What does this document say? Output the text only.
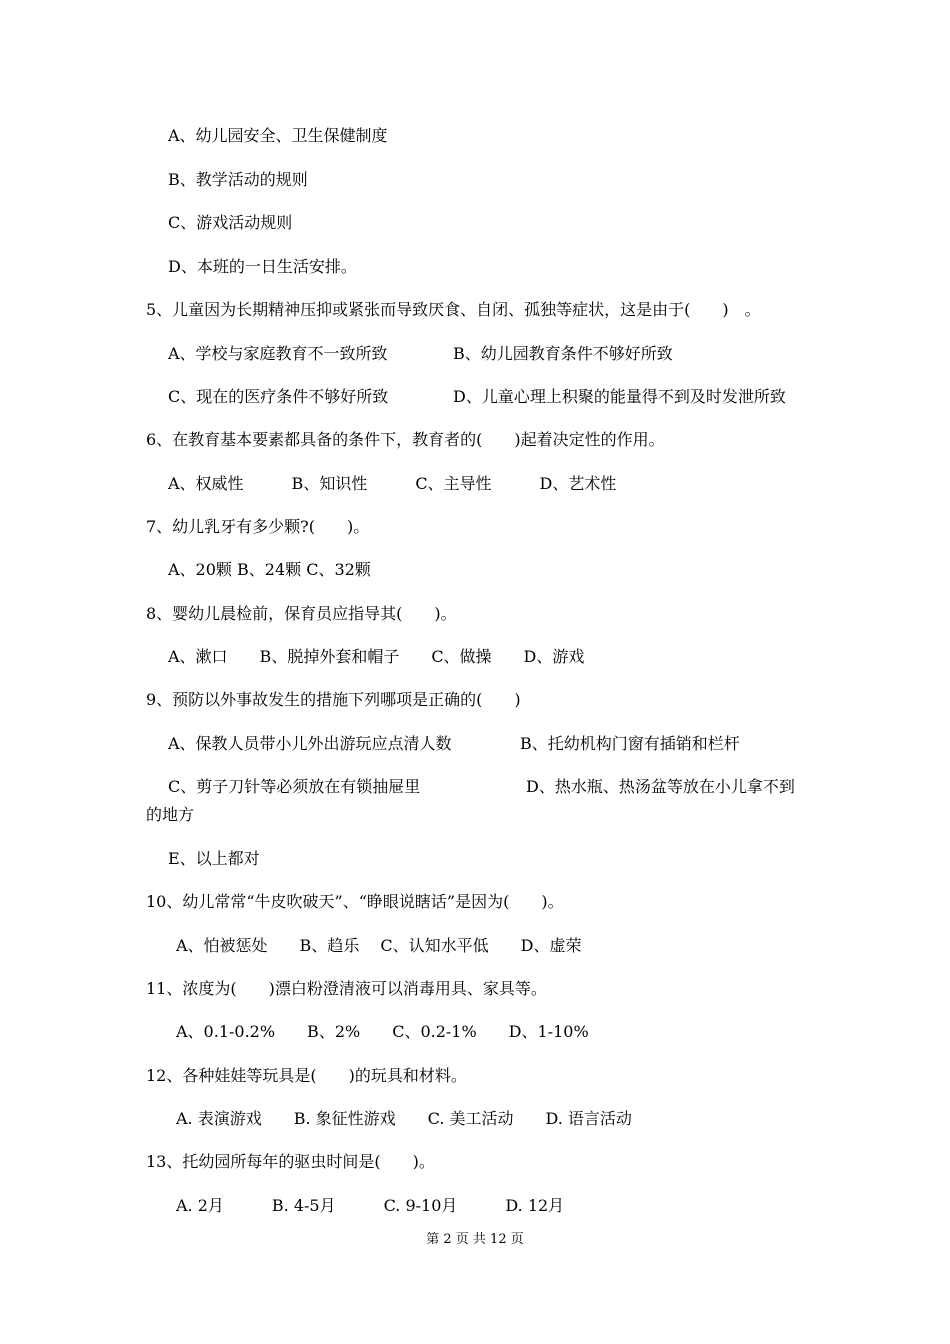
A、幼儿园安全、卫生保健制度
B、教学活动的规则
C、游戏活动规则
D、本班的一日生活安排。
5、儿童因为长期精神压抑或紧张而导致厌食、自闭、孤独等症状，这是由于(　　)　。
A、学校与家庭教育不一致所致	B、幼儿园教育条件不够好所致
C、现在的医疗条件不够好所致	D、儿童心理上积聚的能量得不到及时发泄所致
6、在教育基本要素都具备的条件下，教育者的(　　)起着决定性的作用。
A、权威性　　　B、知识性　　　C、主导性　　　D、艺术性
7、幼儿乳牙有多少颗?(　　)。
A、20颗 B、24颗 C、32颗
8、婴幼儿晨检前，保育员应指导其(　　)。
A、漱口　　B、脱掉外套和帽子　　C、做操　　D、游戏
9、预防以外事故发生的措施下列哪项是正确的(　　)
A、保教人员带小儿外出游玩应点清人数	B、托幼机构门窗有插销和栏杆
C、剪子刀针等必须放在有锁抽屉里	D、热水瓶、热汤盆等放在小儿拿不到
的地方
E、以上都对
10、幼儿常常“牛皮吹破天”、“睁眼说瞎话”是因为(　　)。
A、怕被惩处　　B、趋乐　 C、认知水平低　　D、虚荣
11、浓度为(　　)漂白粉澄清液可以消毒用具、家具等。
A、0.1-0.2%　　B、2%　　C、0.2-1%　　D、1-10%
12、各种娃娃等玩具是(　　)的玩具和材料。
A. 表演游戏　　B. 象征性游戏　　C. 美工活动　　D. 语言活动
13、托幼园所每年的驱虫时间是(　　)。
A. 2月　　　B. 4-5月　　　C. 9-10月　　　D. 12月
第 2 页 共 12 页
